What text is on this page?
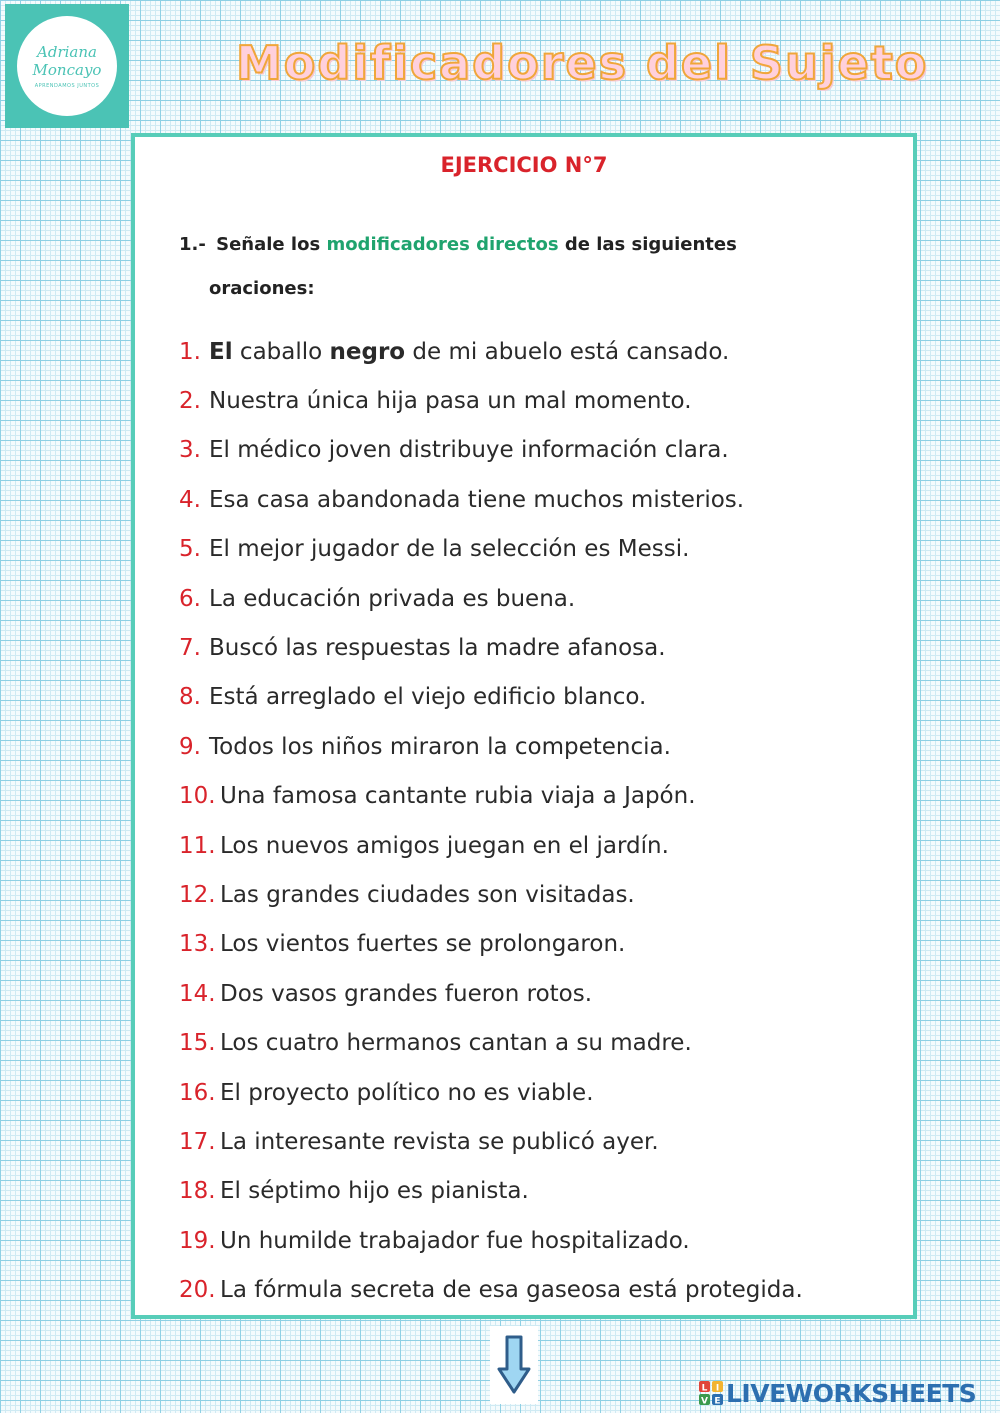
Adriana
Moncayo
APRENDAMOS JUNTOS	Modificadores del Sujeto
EJERCICIO N°7
1.- Señale los modificadores directos de las siguientes
oraciones:
1. El caballo negro de mi abuelo está cansado.
2. Nuestra única hija pasa un mal momento.
3. El médico joven distribuye información clara.
4. Esa casa abandonada tiene muchos misterios.
5. El mejor jugador de la selección es Messi.
6. La educación privada es buena.
7. Buscó las respuestas la madre afanosa.
8. Está arreglado el viejo edificio blanco.
9. Todos los niños miraron la competencia.
10. Una famosa cantante rubia viaja a Japón.
11. Los nuevos amigos juegan en el jardín.
12. Las grandes ciudades son visitadas.
13. Los vientos fuertes se prolongaron.
14. Dos vasos grandes fueron rotos.
15. Los cuatro hermanos cantan a su madre.
16. El proyecto político no es viable.
17. La interesante revista se publicó ayer.
18. El séptimo hijo es pianista.
19. Un humilde trabajador fue hospitalizado.
20. La fórmula secreta de esa gaseosa está protegida.
L I
V E LIVEWORKSHEETS
